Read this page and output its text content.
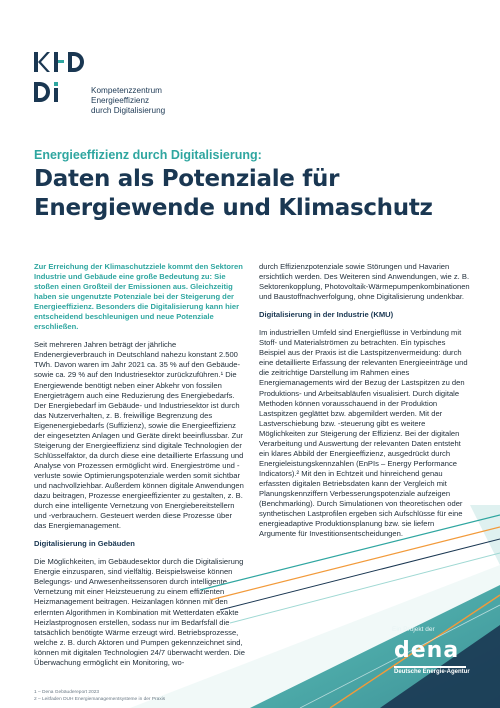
Kompetenzzentrum
Energieeffizienz
durch Digitalisierung
Energieeffizienz durch Digitalisierung:
Daten als Potenziale für Energiewende und Klimaschutz

Zur Erreichung der Klimaschutzziele kommt den Sektoren Industrie und Gebäude eine große Bedeutung zu: Sie stoßen einen Großteil der Emissionen aus. Gleichzeitig haben sie ungenutzte Potenziale bei der Steigerung der Energieeffizienz. Besonders die Digitalisierung kann hier entscheidend beschleunigen und neue Potenziale erschließen.

Seit mehreren Jahren beträgt der jährliche Endenergieverbrauch in Deutschland nahezu konstant 2.500 TWh. Davon waren im Jahr 2021 ca. 35 % auf den Gebäude- sowie ca. 29 % auf den Industriesektor zurückzuführen.¹ Die Energiewende benötigt neben einer Abkehr von fossilen Energieträgern auch eine Reduzierung des Energiebedarfs. Der Energiebedarf im Gebäude- und Industriesektor ist durch das Nutzerverhalten, z. B. freiwillige Begrenzung des Eigenenergiebedarfs (Suffizienz), sowie die Energieeffizienz der eingesetzten Anlagen und Geräte direkt beeinflussbar. Zur Steigerung der Energieeffizienz sind digitale Technologien der Schlüsselfaktor, da durch diese eine detaillierte Erfassung und Analyse von Prozessen ermöglicht wird. Energieströme und -verluste sowie Optimierungspotenziale werden somit sichtbar und nachvollziehbar. Außerdem können digitale Anwendungen dazu beitragen, Prozesse energieeffizienter zu gestalten, z. B. durch eine intelligente Vernetzung von Energiebereitstellern und -verbrauchern. Gesteuert werden diese Prozesse über das Energiemanagement.

Digitalisierung in Gebäuden

Die Möglichkeiten, im Gebäudesektor durch die Digitalisierung Energie einzusparen, sind vielfältig. Beispielsweise können Belegungs- und Anwesenheitssensoren durch intelligente Vernetzung mit einer Heizsteuerung zu einem effizienten Heizmanagement beitragen. Heizanlagen können mit den erlernten Algorithmen in Kombination mit Wetterdaten exakte Heizlastprognosen erstellen, sodass nur im Bedarfsfall die tatsächlich benötigte Wärme erzeugt wird. Betriebsprozesse, welche z. B. durch Aktoren und Pumpen gekennzeichnet sind, können mit digitalen Technologien 24/7 überwacht werden. Die Überwachung ermöglicht ein Monitoring, wo-

durch Effizienzpotenziale sowie Störungen und Havarien ersichtlich werden. Des Weiteren sind Anwendungen, wie z. B. Sektorenkopplung, Photovoltaik-Wärmepumpenkombinationen und Baustoffnachverfolgung, ohne Digitalisierung undenkbar.

Digitalisierung in der Industrie (KMU)

Im industriellen Umfeld sind Energieflüsse in Verbindung mit Stoff- und Materialströmen zu betrachten. Ein typisches Beispiel aus der Praxis ist die Lastspitzenvermeidung: durch eine detaillierte Erfassung der relevanten Energieeinträge und die zeitrichtige Darstellung im Rahmen eines Energiemanagements wird der Bezug der Lastspitzen zu den Produktions- und Arbeitsabläufen visualisiert. Durch digitale Methoden können vorausschauend in der Produktion Lastspitzen geglättet bzw. abgemildert werden. Mit der Lastverschiebung bzw. -steuerung gibt es weitere Möglichkeiten zur Steigerung der Effizienz. Bei der digitalen Verarbeitung und Auswertung der relevanten Daten entsteht ein klares Abbild der Energieeffizienz, ausgedrückt durch Energieleistungskennzahlen (EnPIs – Energy Performance Indicators).² Mit den in Echtzeit und hinreichend genau erfassten digitalen Betriebsdaten kann der Vergleich mit Planungskennziffern Verbesserungspotenziale aufzeigen (Benchmarking). Durch Simulationen von theoretischen oder synthetischen Lastprofilen ergeben sich Aufschlüsse für eine energieadaptive Produktionsplanung bzw. sie liefern Argumente für Investitionsentscheidungen.

Ein Projekt der
dena
Deutsche Energie-Agentur
1 – Dena Gebäudereport 2023
2 – Leitfaden DUH Energiemanagementsysteme in der Praxis
